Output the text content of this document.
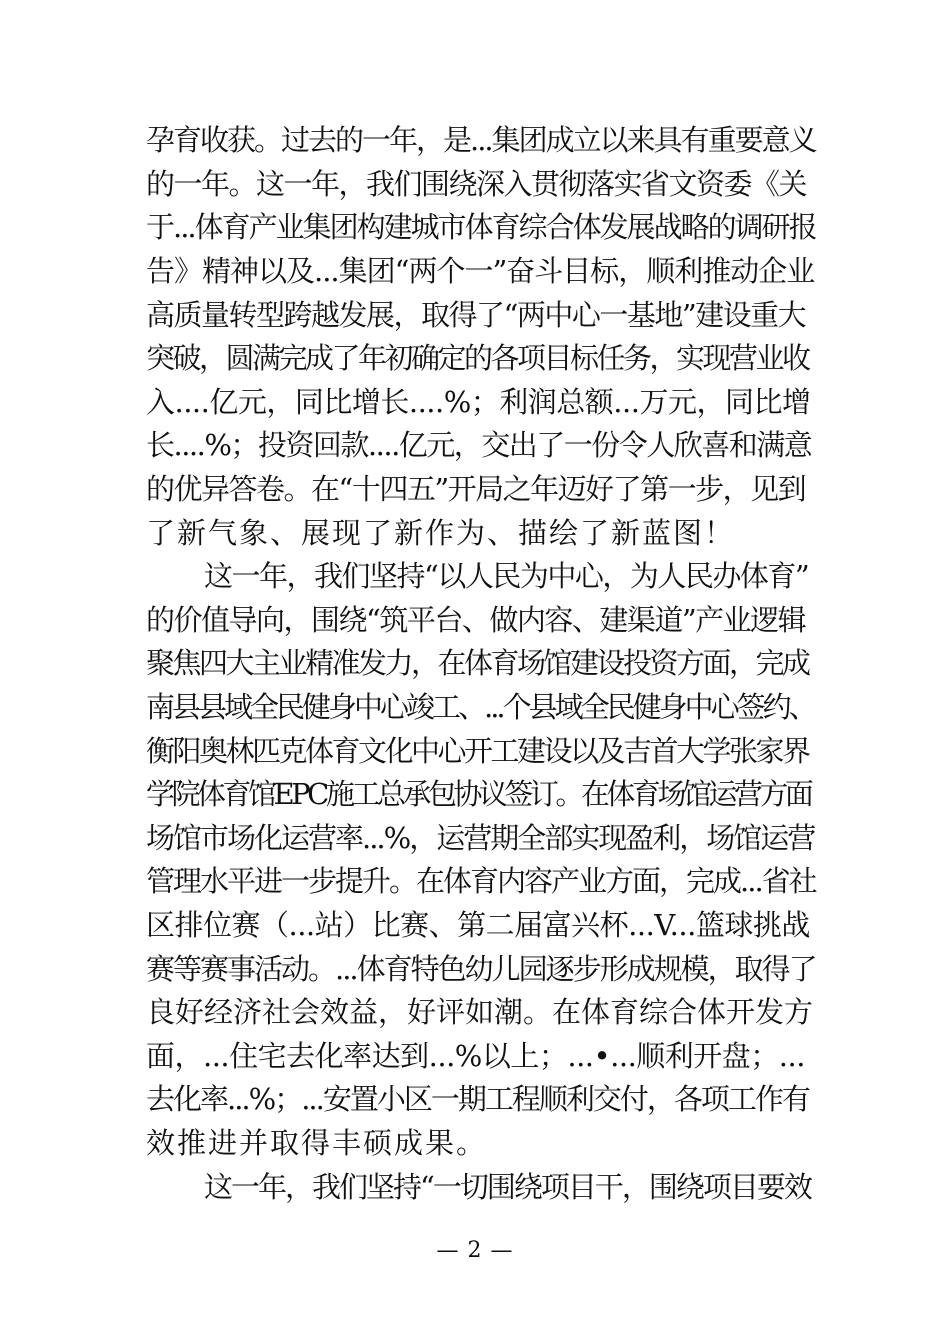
孕育收获。过去的一年，是...集团成立以来具有重要意义
的一年。这一年，我们围绕深入贯彻落实省文资委《关
于...体育产业集团构建城市体育综合体发展战略的调研报
告》精神以及...集团“两个一”奋斗目标，顺利推动企业
高质量转型跨越发展，取得了“两中心一基地”建设重大
突破，圆满完成了年初确定的各项目标任务，实现营业收
入....亿元，同比增长....%；利润总额...万元，同比增
长....%；投资回款....亿元，交出了一份令人欣喜和满意
的优异答卷。在“十四五”开局之年迈好了第一步，见到
了新气象、展现了新作为、描绘了新蓝图！
这一年，我们坚持“以人民为中心，为人民办体育”
的价值导向，围绕“筑平台、做内容、建渠道”产业逻辑
聚焦四大主业精准发力，在体育场馆建设投资方面，完成
南县县域全民健身中心竣工、...个县域全民健身中心签约、
衡阳奥林匹克体育文化中心开工建设以及吉首大学张家界
学院体育馆EPC施工总承包协议签订。在体育场馆运营方面
场馆市场化运营率...%，运营期全部实现盈利，场馆运营
管理水平进一步提升。在体育内容产业方面，完成...省社
区排位赛（...站）比赛、第二届富兴杯...V...篮球挑战
赛等赛事活动。...体育特色幼儿园逐步形成规模，取得了
良好经济社会效益，好评如潮。在体育综合体开发方
面，...住宅去化率达到...%以上；...•...顺利开盘；...
去化率...%；...安置小区一期工程顺利交付，各项工作有
效推进并取得丰硕成果。
这一年，我们坚持“一切围绕项目干，围绕项目要效
— 2 —
